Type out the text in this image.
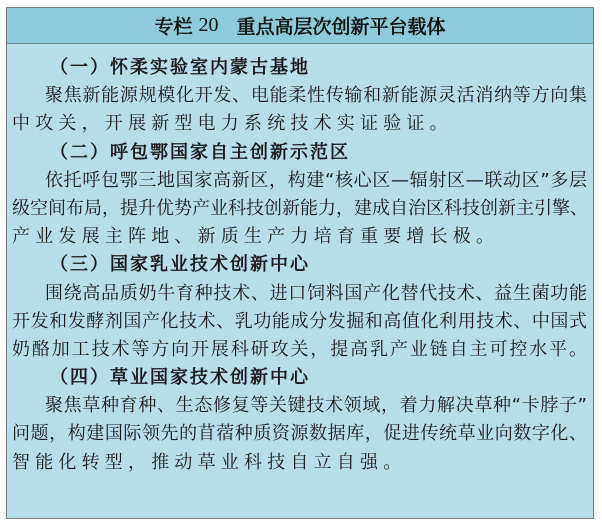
专栏 20 重点高层次创新平台载体
（一）怀柔实验室内蒙古基地
聚焦新能源规模化开发、电能柔性传输和新能源灵活消纳等方向集
中攻关，开展新型电力系统技术实证验证。
（二）呼包鄂国家自主创新示范区
依托呼包鄂三地国家高新区，构建“核心区—辐射区—联动区”多层
级空间布局，提升优势产业科技创新能力，建成自治区科技创新主引擎、
产业发展主阵地、新质生产力培育重要增长极。
（三）国家乳业技术创新中心
围绕高品质奶牛育种技术、进口饲料国产化替代技术、益生菌功能
开发和发酵剂国产化技术、乳功能成分发掘和高值化利用技术、中国式
奶酪加工技术等方向开展科研攻关，提高乳产业链自主可控水平。
（四）草业国家技术创新中心
聚焦草种育种、生态修复等关键技术领域，着力解决草种“卡脖子”
问题，构建国际领先的苜蓿种质资源数据库，促进传统草业向数字化、
智能化转型，推动草业科技自立自强。
